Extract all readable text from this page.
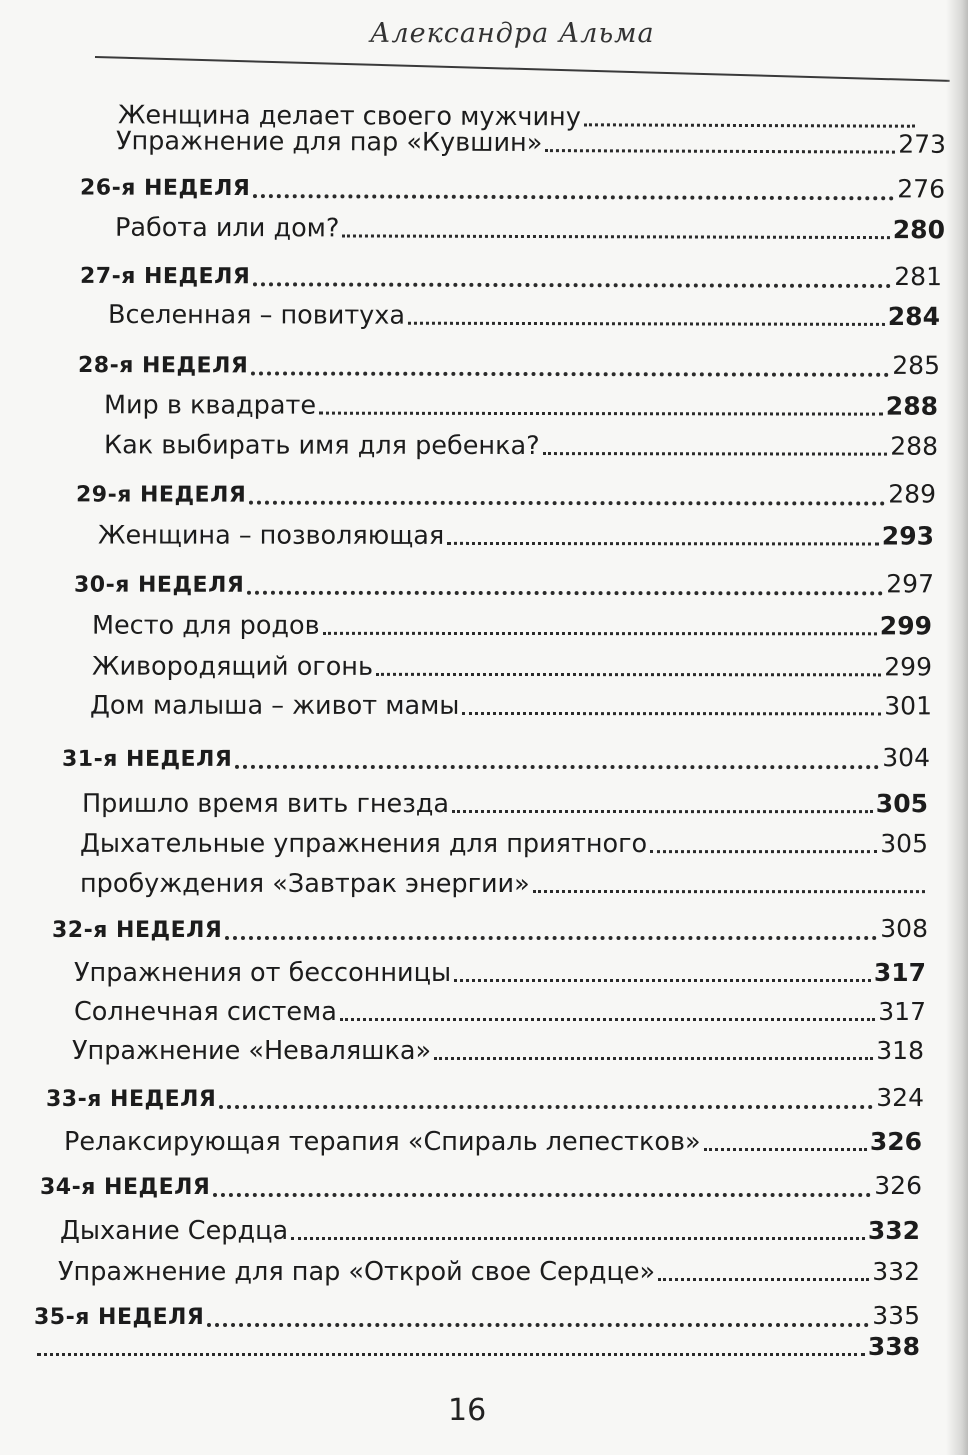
Александра Альма
Женщина делает своего мужчину
Упражнение для пар «Кувшин»	273
26-я НЕДЕЛЯ	276
Работа или дом?	280
27-я НЕДЕЛЯ	281
Вселенная – повитуха	284
28-я НЕДЕЛЯ	285
Мир в квадрате	288
Как выбирать имя для ребенка?	288
29-я НЕДЕЛЯ	289
Женщина – позволяющая	293
30-я НЕДЕЛЯ	297
Место для родов	299
Живородящий огонь	299
Дом малыша – живот мамы	301
31-я НЕДЕЛЯ	304
Пришло время вить гнезда	305
Дыхательные упражнения для приятного	305
пробуждения «Завтрак энергии»
32-я НЕДЕЛЯ	308
Упражнения от бессонницы	317
Солнечная система	317
Упражнение «Неваляшка»	318
33-я НЕДЕЛЯ	324
Релаксирующая терапия «Спираль лепестков»	326
34-я НЕДЕЛЯ	326
Дыхание Сердца	332
Упражнение для пар «Открой свое Сердце»	332
35-я НЕДЕЛЯ	335
338
16
